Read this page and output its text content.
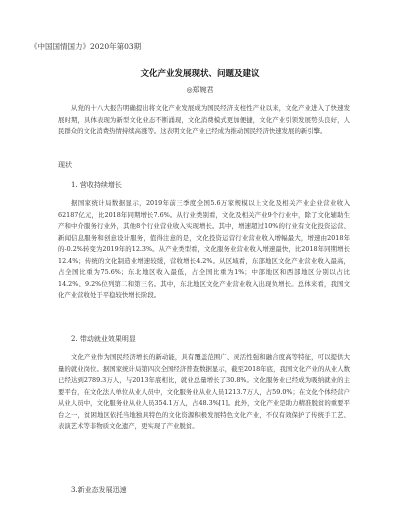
《中国国情国力》2020年第03期
文化产业发展现状、问题及建议
◎郑婉君

从党的十八大报告明确提出将文化产业发展成为国民经济支柱性产业以来，文化产业进入了快速发展时期，具体表现为新型文化业态不断涌现，文化消费模式更加便捷，文化产业引领发展势头良好，人民群众的文化消费热情持续高涨等。这表明文化产业已经成为推动国民经济快速发展的新引擎。

现状
1. 营收持续增长

据国家统计局数据显示，2019年前三季度全国5.6万家规模以上文化及相关产业企业营业收入62187亿元，比2018年同期增长7.6%。从行业类别看，文化及相关产业9个行业中，除了文化辅助生产和中介服务行业外，其他8个行业营业收入实现增长。其中，增速超过10%的行业有文化投资运营、新闻信息服务和创意设计服务，值得注意的是，文化投资运营行业营业收入增幅最大，增速由2018年的-0.2%转变为2019年的12.3%。从产业类型看，文化服务业营业收入增速最快，比2018年同期增长12.4%；传统的文化制造业增速较缓，营收增长4.2%。从区域看，东部地区文化产业营业收入最高，占全国比重为75.6%；东北地区收入最低，占全国比重为1%；中部地区和西部地区分别以占比14.2%、9.2%位列第二和第三名。其中，东北地区文化产业营业收入出现负增长。总体来看，我国文化产业营收处于平稳较快增长阶段。

2. 带动就业效果明显

文化产业作为国民经济增长的新动能，具有覆盖范围广、灵活性强和融合度高等特征，可以提供大量的就业岗位。据国家统计局第四次全国经济普查数据显示，截至2018年底，我国文化产业的从业人数已经达到2789.3万人，与2013年底相比，就业总量增长了30.8%。文化服务业已经成为吸纳就业的主要平台，在文化法人单位从业人员中，文化服务业从业人员1213.7万人，占59.0%；在文化个体经营户从业人员中，文化服务业从业人员354.1万人，占48.3%[1]。此外，文化产业是助力精准脱贫的重要平台之一，贫困地区依托当地独具特色的文化资源积极发展特色文化产业，不仅有效保护了传统手工艺、表演艺术等非物质文化遗产，更实现了产业脱贫。

3.新业态发展迅速
